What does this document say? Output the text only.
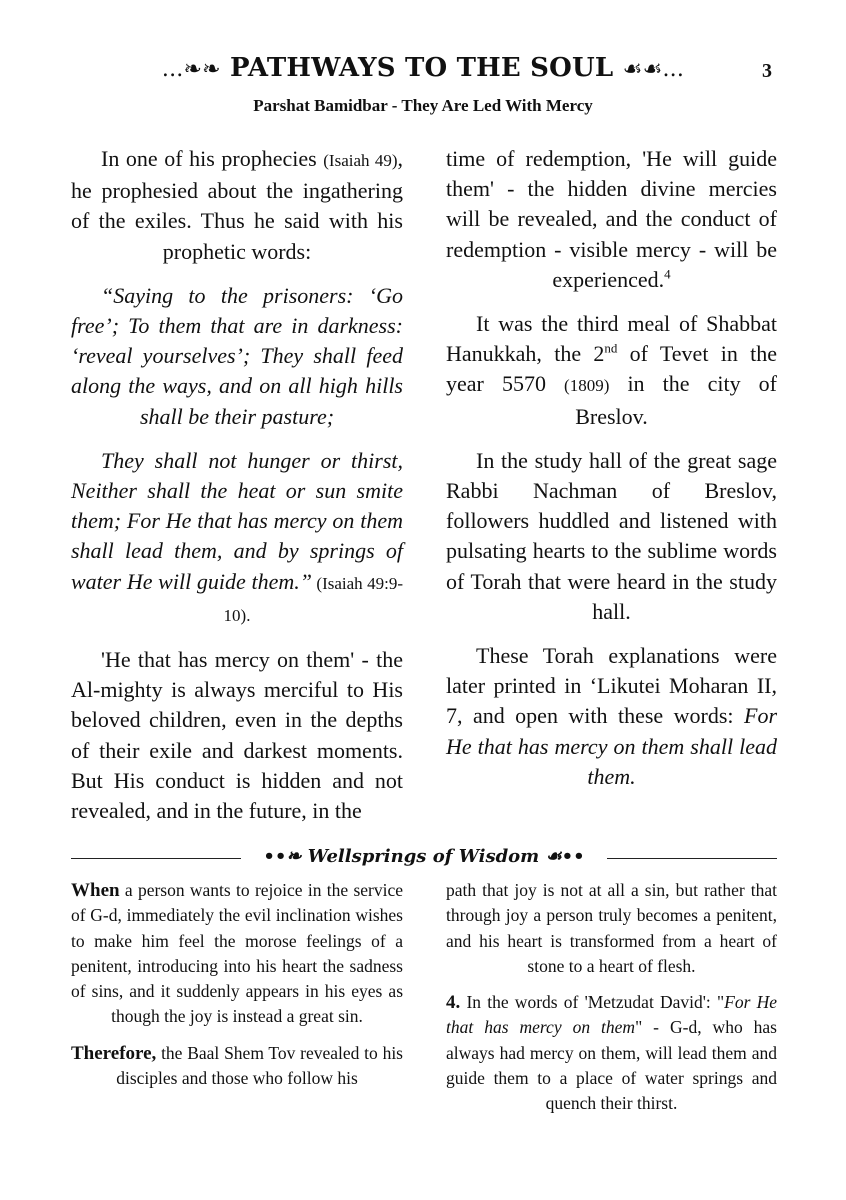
...❧❧ PATHWAYS TO THE SOUL ☙☙...	3
Parshat Bamidbar - They Are Led With Mercy

In one of his prophecies (Isaiah 49), he prophesied about the ingathering of the exiles. Thus he said with his prophetic words:

“Saying to the prisoners: ‘Go free’; To them that are in darkness: ‘reveal yourselves’; They shall feed along the ways, and on all high hills shall be their pasture;

They shall not hunger or thirst, Neither shall the heat or sun smite them; For He that has mercy on them shall lead them, and by springs of water He will guide them.” (Isaiah 49:9-10).

'He that has mercy on them' - the Al-mighty is always merciful to His beloved children, even in the depths of their exile and darkest moments. But His conduct is hidden and not revealed, and in the future, in the

time of redemption, 'He will guide them' - the hidden divine mercies will be revealed, and the conduct of redemption - visible mercy - will be experienced.$^4$

It was the third meal of Shabbat Hanukkah, the 2nd of Tevet in the year 5570 (1809) in the city of Breslov.

In the study hall of the great sage Rabbi Nachman of Breslov, followers huddled and listened with pulsating hearts to the sublime words of Torah that were heard in the study hall.

These Torah explanations were later printed in ‘Likutei Moharan II, 7, and open with these words: For He that has mercy on them shall lead them.

••❧ Wellsprings of Wisdom ☙••

When a person wants to rejoice in the service of G-d, immediately the evil inclination wishes to make him feel the morose feelings of a penitent, introducing into his heart the sadness of sins, and it suddenly appears in his eyes as though the joy is instead a great sin.

Therefore, the Baal Shem Tov revealed to his disciples and those who follow his

path that joy is not at all a sin, but rather that through joy a person truly becomes a penitent, and his heart is transformed from a heart of stone to a heart of flesh.

4. In the words of 'Metzudat David': "For He that has mercy on them" - G-d, who has always had mercy on them, will lead them and guide them to a place of water springs and quench their thirst.
